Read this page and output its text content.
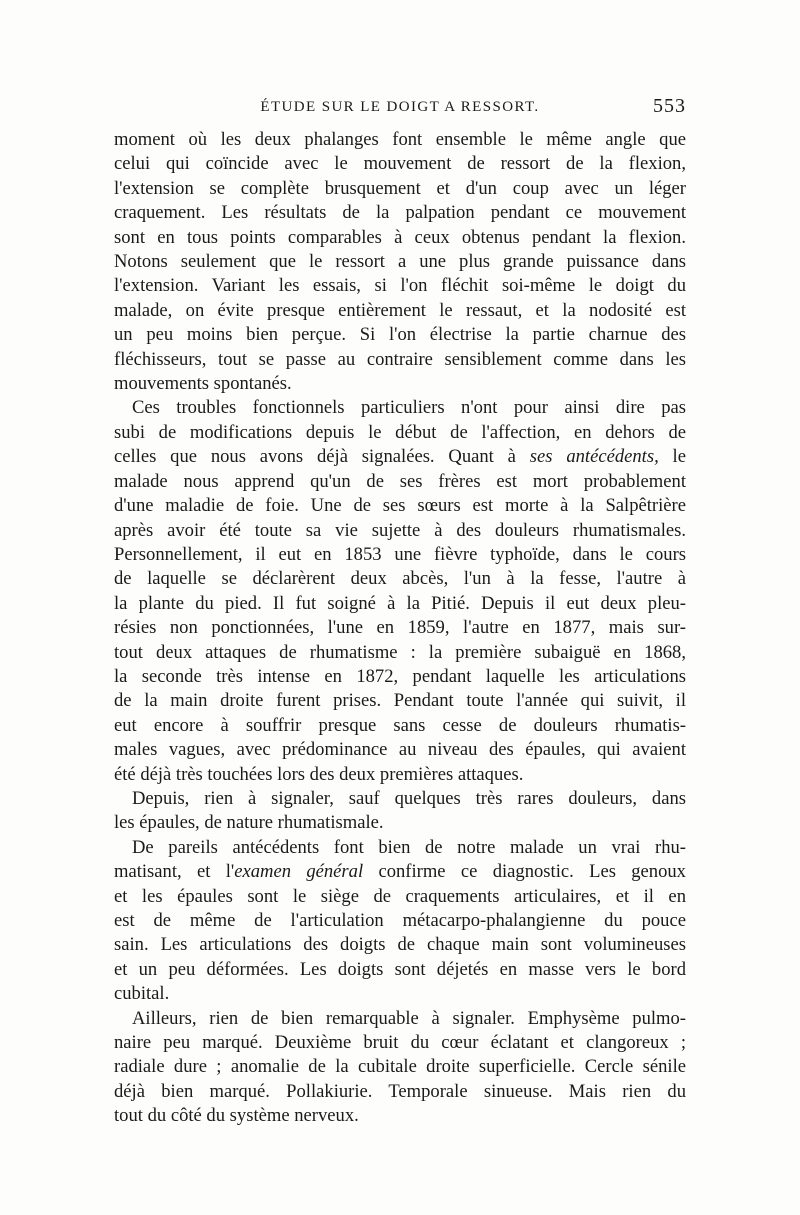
ÉTUDE SUR LE DOIGT A RESSORT.	553

moment où les deux phalanges font ensemble le même angle que
celui qui coïncide avec le mouvement de ressort de la flexion,
l'extension se complète brusquement et d'un coup avec un léger
craquement. Les résultats de la palpation pendant ce mouvement
sont en tous points comparables à ceux obtenus pendant la flexion.
Notons seulement que le ressort a une plus grande puissance dans
l'extension. Variant les essais, si l'on fléchit soi-même le doigt du
malade, on évite presque entièrement le ressaut, et la nodosité est
un peu moins bien perçue. Si l'on électrise la partie charnue des
fléchisseurs, tout se passe au contraire sensiblement comme dans les
mouvements spontanés.

Ces troubles fonctionnels particuliers n'ont pour ainsi dire pas
subi de modifications depuis le début de l'affection, en dehors de
celles que nous avons déjà signalées. Quant à ses antécédents, le
malade nous apprend qu'un de ses frères est mort probablement
d'une maladie de foie. Une de ses sœurs est morte à la Salpêtrière
après avoir été toute sa vie sujette à des douleurs rhumatismales.
Personnellement, il eut en 1853 une fièvre typhoïde, dans le cours
de laquelle se déclarèrent deux abcès, l'un à la fesse, l'autre à
la plante du pied. Il fut soigné à la Pitié. Depuis il eut deux pleu-
résies non ponctionnées, l'une en 1859, l'autre en 1877, mais sur-
tout deux attaques de rhumatisme : la première subaiguë en 1868,
la seconde très intense en 1872, pendant laquelle les articulations
de la main droite furent prises. Pendant toute l'année qui suivit, il
eut encore à souffrir presque sans cesse de douleurs rhumatis-
males vagues, avec prédominance au niveau des épaules, qui avaient
été déjà très touchées lors des deux premières attaques.

Depuis, rien à signaler, sauf quelques très rares douleurs, dans
les épaules, de nature rhumatismale.

De pareils antécédents font bien de notre malade un vrai rhu-
matisant, et l'examen général confirme ce diagnostic. Les genoux
et les épaules sont le siège de craquements articulaires, et il en
est de même de l'articulation métacarpo-phalangienne du pouce
sain. Les articulations des doigts de chaque main sont volumineuses
et un peu déformées. Les doigts sont déjetés en masse vers le bord
cubital.

Ailleurs, rien de bien remarquable à signaler. Emphysème pulmo-
naire peu marqué. Deuxième bruit du cœur éclatant et clangoreux ;
radiale dure ; anomalie de la cubitale droite superficielle. Cercle sénile
déjà bien marqué. Pollakiurie. Temporale sinueuse. Mais rien du
tout du côté du système nerveux.
